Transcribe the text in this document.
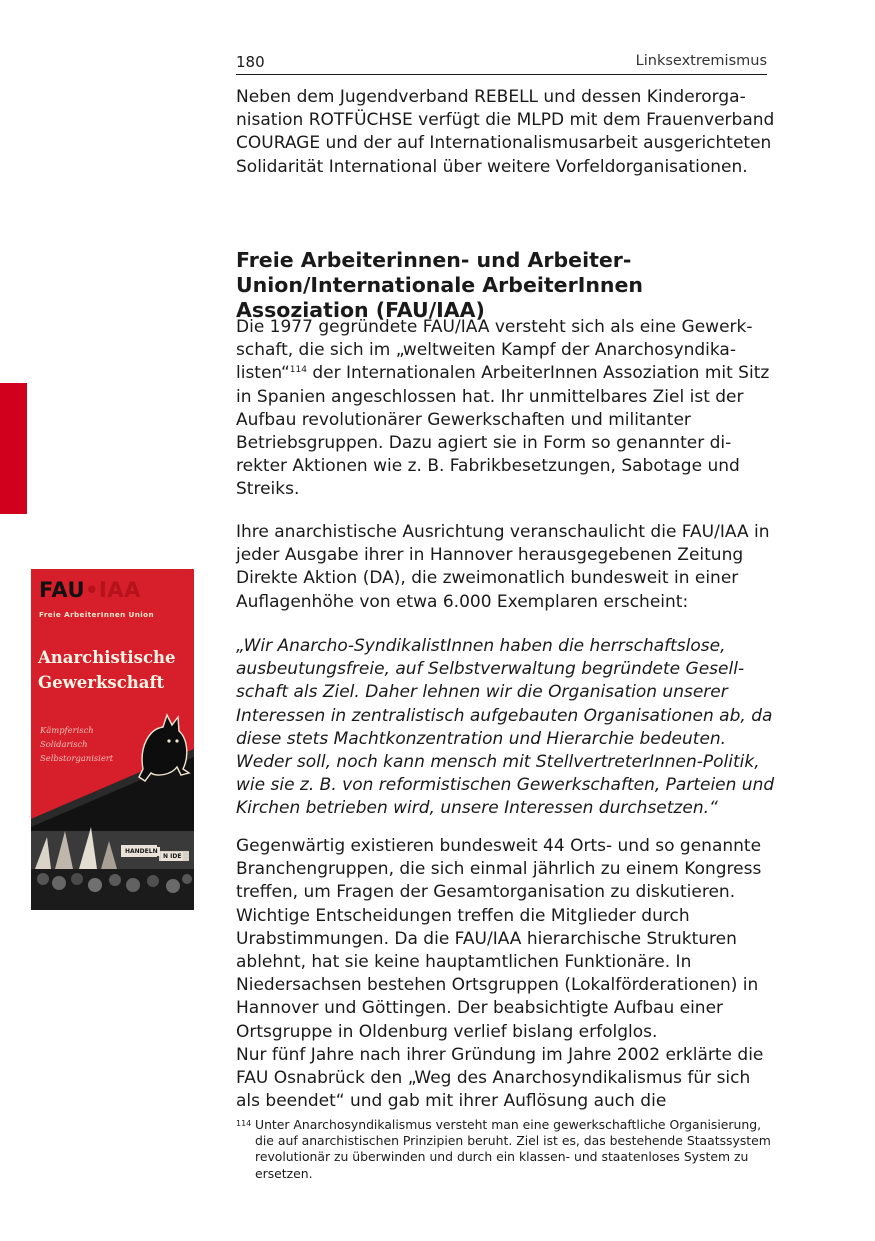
180	Linksextremismus

Neben dem Jugendverband REBELL und dessen Kinderorganisation ROTFÜCHSE verfügt die MLPD mit dem Frauenverband COURAGE und der auf Internationalismusarbeit ausgerichteten Solidarität International über weitere Vorfeldorganisationen.

Freie Arbeiterinnen- und Arbeiter-Union/Internationale ArbeiterInnen Assoziation (FAU/IAA)

Die 1977 gegründete FAU/IAA versteht sich als eine Gewerkschaft, die sich im „weltweiten Kampf der Anarchosyndikalisten“$^{114}$ der Internationalen ArbeiterInnen Assoziation mit Sitz in Spanien angeschlossen hat. Ihr unmittelbares Ziel ist der Aufbau revolutionärer Gewerkschaften und militanter Betriebsgruppen. Dazu agiert sie in Form so genannter direkter Aktionen wie z. B. Fabrikbesetzungen, Sabotage und Streiks.

Ihre anarchistische Ausrichtung veranschaulicht die FAU/IAA in jeder Ausgabe ihrer in Hannover herausgegebenen Zeitung Direkte Aktion (DA), die zweimonatlich bundesweit in einer Auflagenhöhe von etwa 6.000 Exemplaren erscheint:

„Wir Anarcho-SyndikalistInnen haben die herrschaftslose, ausbeutungsfreie, auf Selbstverwaltung begründete Gesellschaft als Ziel. Daher lehnen wir die Organisation unserer Interessen in zentralistisch aufgebauten Organisationen ab, da diese stets Machtkonzentration und Hierarchie bedeuten. Weder soll, noch kann mensch mit StellvertreterInnen-Politik, wie sie z. B. von reformistischen Gewerkschaften, Parteien und Kirchen betrieben wird, unsere Interessen durchsetzen.“

Gegenwärtig existieren bundesweit 44 Orts- und so genannte Branchengruppen, die sich einmal jährlich zu einem Kongress treffen, um Fragen der Gesamtorganisation zu diskutieren. Wichtige Entscheidungen treffen die Mitglieder durch Urabstimmungen. Da die FAU/IAA hierarchische Strukturen ablehnt, hat sie keine hauptamtlichen Funktionäre. In Niedersachsen bestehen Ortsgruppen (Lokalförderationen) in Hannover und Göttingen. Der beabsichtigte Aufbau einer Ortsgruppe in Oldenburg verlief bislang erfolglos.

Nur fünf Jahre nach ihrer Gründung im Jahre 2002 erklärte die FAU Osnabrück den „Weg des Anarchosyndikalismus für sich als beendet“ und gab mit ihrer Auflösung auch die

114 Unter Anarchosyndikalismus versteht man eine gewerkschaftliche Organisierung, die auf anarchistischen Prinzipien beruht. Ziel ist es, das bestehende Staatssystem revolutionär zu überwinden und durch ein klassen- und staatenloses System zu ersetzen.
FAU•IAA
Freie ArbeiterInnen Union
Anarchistische
Gewerkschaft
Kämpferisch
Solidarisch
Selbstorganisiert
HANDELN
N IDE
